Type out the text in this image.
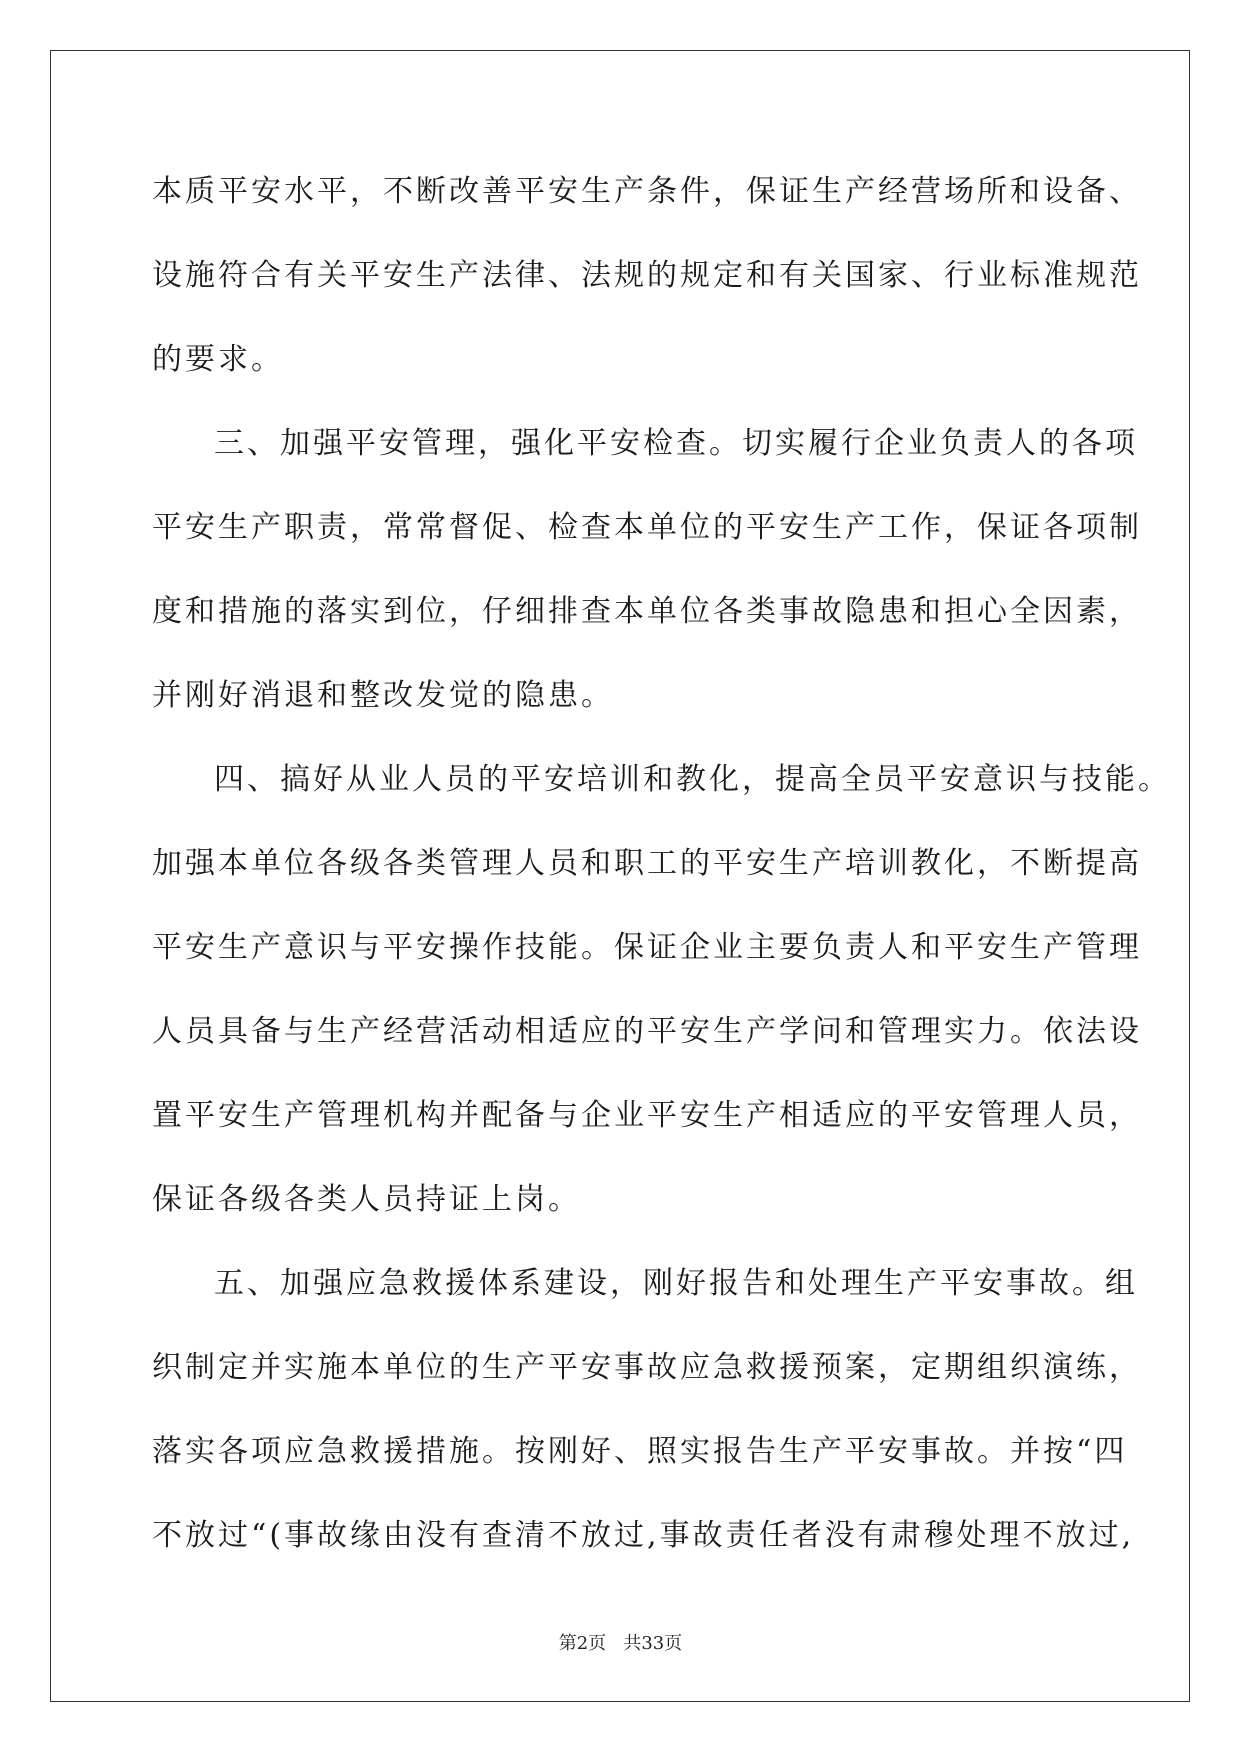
本质平安水平，不断改善平安生产条件，保证生产经营场所和设备、
设施符合有关平安生产法律、法规的规定和有关国家、行业标准规范
的要求。
三、加强平安管理，强化平安检查。切实履行企业负责人的各项
平安生产职责，常常督促、检查本单位的平安生产工作，保证各项制
度和措施的落实到位，仔细排查本单位各类事故隐患和担心全因素，
并刚好消退和整改发觉的隐患。
四、搞好从业人员的平安培训和教化，提高全员平安意识与技能。
加强本单位各级各类管理人员和职工的平安生产培训教化，不断提高
平安生产意识与平安操作技能。保证企业主要负责人和平安生产管理
人员具备与生产经营活动相适应的平安生产学问和管理实力。依法设
置平安生产管理机构并配备与企业平安生产相适应的平安管理人员，
保证各级各类人员持证上岗。
五、加强应急救援体系建设，刚好报告和处理生产平安事故。组
织制定并实施本单位的生产平安事故应急救援预案，定期组织演练，
落实各项应急救援措施。按刚好、照实报告生产平安事故。并按“四
不放过“(事故缘由没有查清不放过,事故责任者没有肃穆处理不放过,
第2页   共33页
